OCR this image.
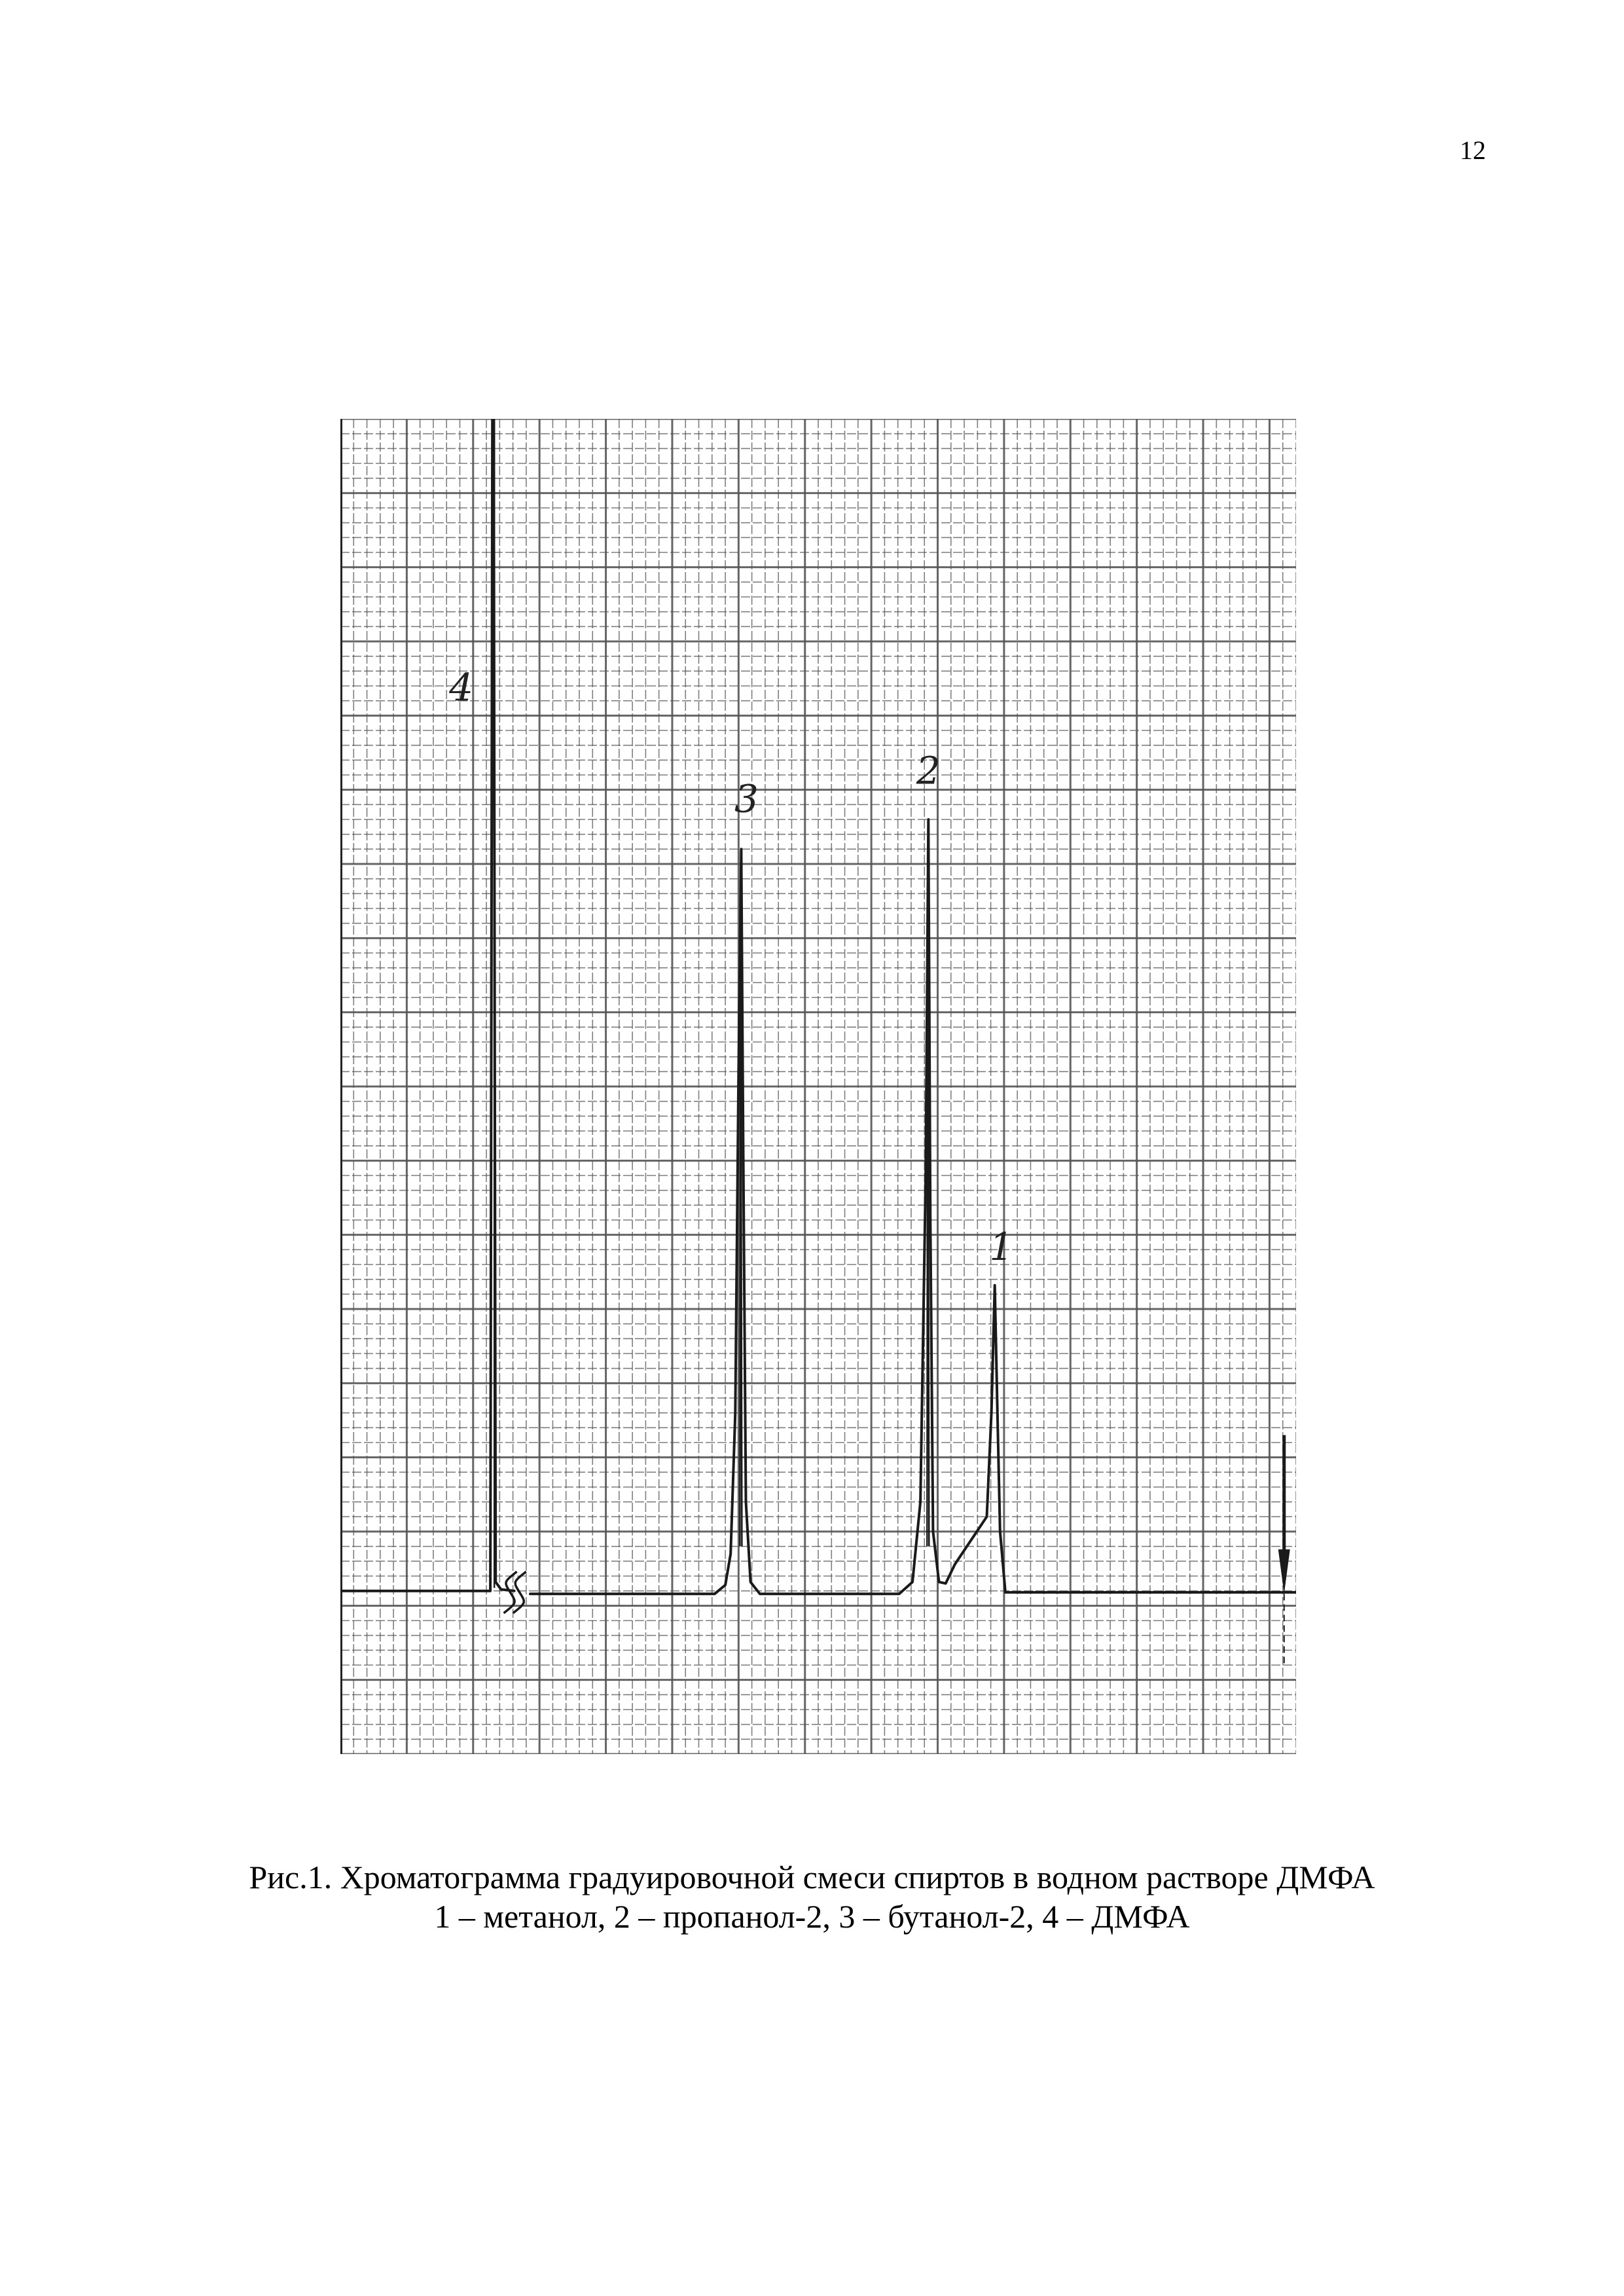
12
4
3
2
1
Рис.1. Хроматограмма градуировочной смеси спиртов в водном растворе ДМФА
1 – метанол, 2 – пропанол-2, 3 – бутанол-2, 4 – ДМФА
